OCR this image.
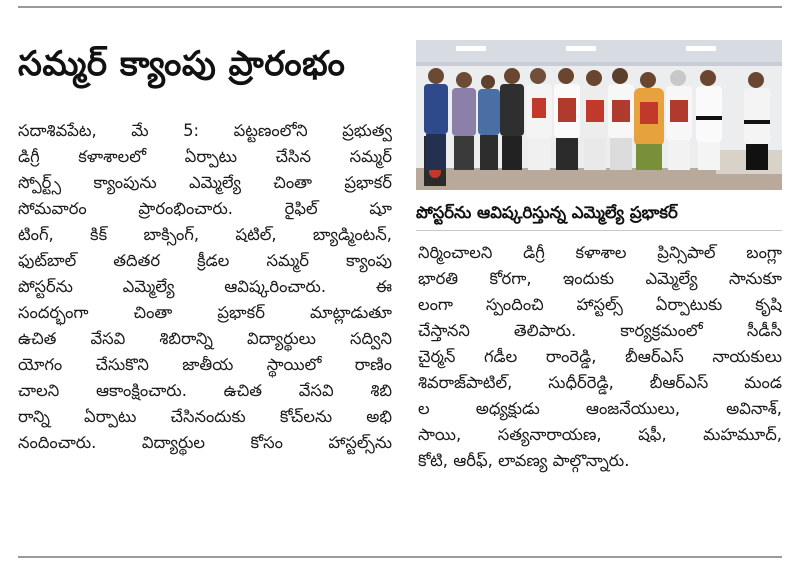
సమ్మర్‌ క్యాంపు ప్రారంభం
సదాశివపేట, మే 5: పట్టణంలోని ప్రభుత్వ
డిగ్రీ కళాశాలలో ఏర్పాటు చేసిన సమ్మర్‌
స్పోర్ట్స్‌ క్యాంపును ఎమ్మెల్యే చింతా ప్రభాకర్‌
సోమవారం ప్రారంభించారు. రైఫిల్‌ షూ
టింగ్‌, కిక్‌ బాక్సింగ్‌, షటిల్‌, బ్యాడ్మింటన్‌,
ఫుట్‌బాల్‌ తదితర క్రీడల సమ్మర్‌ క్యాంపు
పోస్టర్‌ను ఎమ్మెల్యే ఆవిష్కరించారు. ఈ
సందర్భంగా చింతా ప్రభాకర్‌ మాట్లాడుతూ
ఉచిత వేసవి శిబిరాన్ని విద్యార్థులు సద్విని
యోగం చేసుకొని జాతీయ స్థాయిలో రాణిం
చాలని ఆకాంక్షించారు. ఉచిత వేసవి శిబి
రాన్ని ఏర్పాటు చేసినందుకు కోచ్‌లను అభి
నందించారు. విద్యార్థుల కోసం హాస్టల్స్‌ను
పోస్టర్‌ను ఆవిష్కరిస్తున్న ఎమ్మెల్యే ప్రభాకర్‌
నిర్మించాలని డిగ్రీ కళాశాల ప్రిన్సిపాల్‌ బంగ్లా
భారతి కోరగా, ఇందుకు ఎమ్మెల్యే సానుకూ
లంగా స్పందించి హాస్టల్స్‌ ఏర్పాటుకు కృషి
చేస్తానని తెలిపారు. కార్యక్రమంలో సీడీసీ
చైర్మన్‌ గడీల రాంరెడ్డి, బీఆర్‌ఎస్‌ నాయకులు
శివరాజ్‌పాటిల్‌, సుధీర్‌రెడ్డి, బీఆర్‌ఎస్‌ మండ
ల అధ్యక్షుడు ఆంజనేయులు, అవినాశ్‌,
సాయి, సత్యనారాయణ, షఫీ, మహమూద్‌,
కోటి, ఆరీఫ్‌, లావణ్య పాల్గొన్నారు.
